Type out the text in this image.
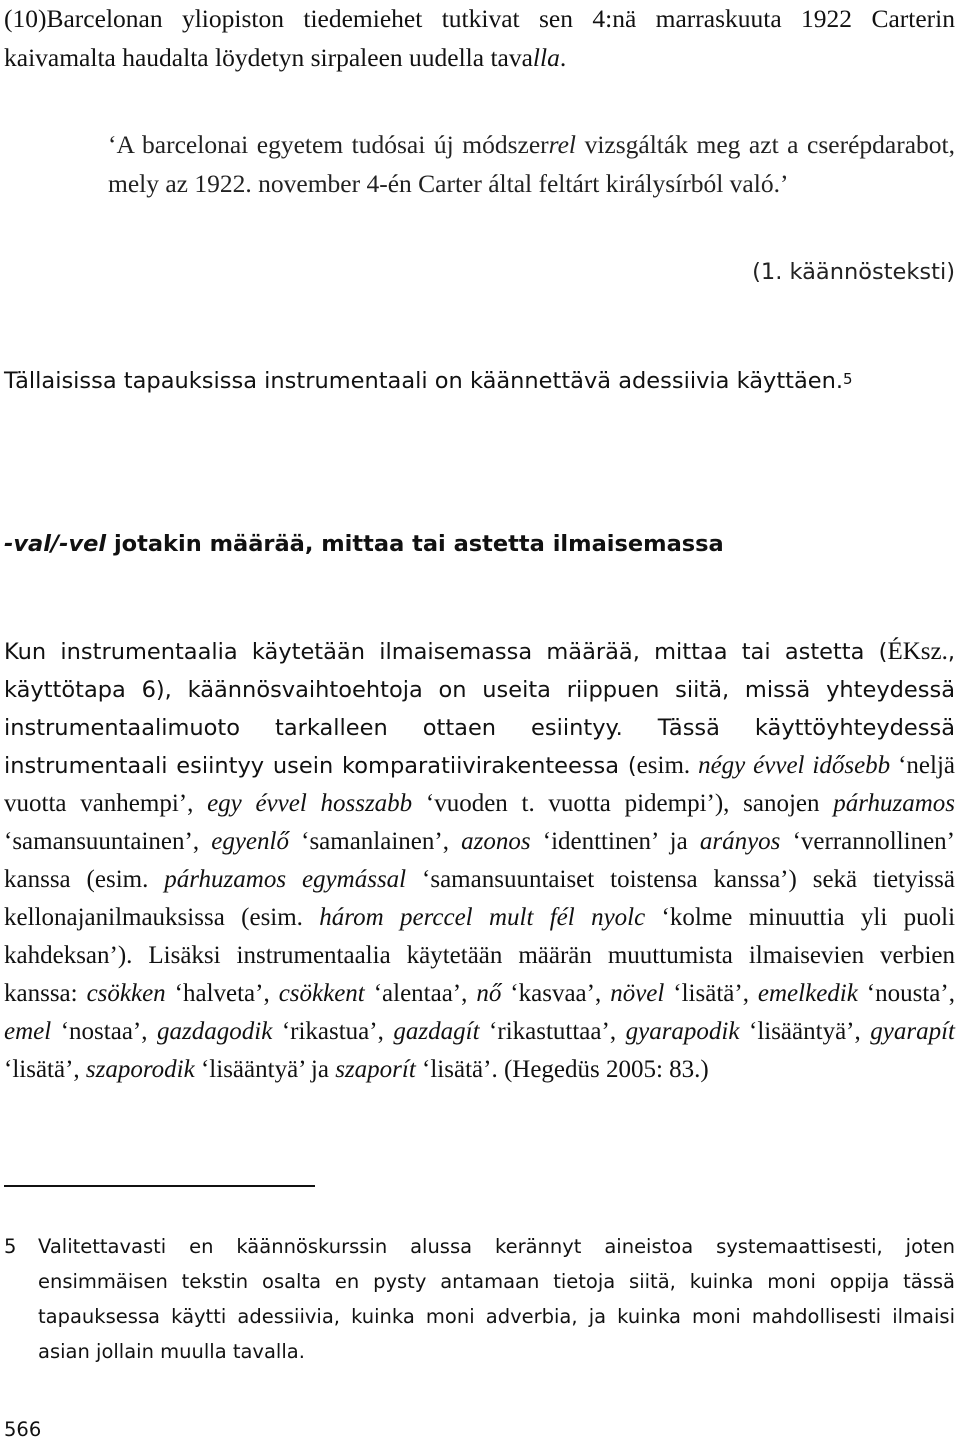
(10)Barcelonan yliopiston tiedemiehet tutkivat sen 4:nä marraskuuta 1922 Carterin kaivamalta haudalta löydetyn sirpaleen uudella tavalla.

‘A barcelonai egyetem tudósai új módszerrel vizsgálták meg azt a cserépdarabot, mely az 1922. november 4-én Carter által feltárt királysírból való.’

(1. käännösteksti)

Tällaisissa tapauksissa instrumentaali on käännettävä adessiivia käyttäen.$^5$

-val/-vel jotakin määrää, mittaa tai astetta ilmaisemassa

Kun instrumentaalia käytetään ilmaisemassa määrää, mittaa tai astetta (ÉKsz., käyttötapa 6), käännösvaihtoehtoja on useita riippuen siitä, missä yhteydessä instrumentaalimuoto tarkalleen ottaen esiintyy. Tässä käyttöyhteydessä instrumentaali esiintyy usein komparatiivirakenteessa (esim. négy évvel idősebb ‘neljä vuotta vanhempi’, egy évvel hosszabb ‘vuoden t. vuotta pidempi’), sanojen párhuzamos ‘samansuuntainen’, egyenlő ‘samanlainen’, azonos ‘identtinen’ ja arányos ‘verrannollinen’ kanssa (esim. párhuzamos egymással ‘samansuuntaiset toistensa kanssa’) sekä tietyissä kellonajanilmauksissa (esim. három perccel mult fél nyolc ‘kolme minuuttia yli puoli kahdeksan’). Lisäksi instrumentaalia käytetään määrän muuttumista ilmaisevien verbien kanssa: csökken ‘halveta’, csökkent ‘alentaa’, nő ‘kasvaa’, növel ‘lisätä’, emelkedik ‘nousta’, emel ‘nostaa’, gazdagodik ‘rikastua’, gazdagít ‘rikastuttaa’, gyarapodik ‘lisääntyä’, gyarapít ‘lisätä’, szaporodik ‘lisääntyä’ ja szaporít ‘lisätä’. (Hegedüs 2005: 83.)

5 Valitettavasti en käännöskurssin alussa kerännyt aineistoa systemaattisesti, joten ensimmäisen tekstin osalta en pysty antamaan tietoja siitä, kuinka moni oppija tässä tapauksessa käytti adessiivia, kuinka moni adverbia, ja kuinka moni mahdollisesti ilmaisi asian jollain muulla tavalla.

566
